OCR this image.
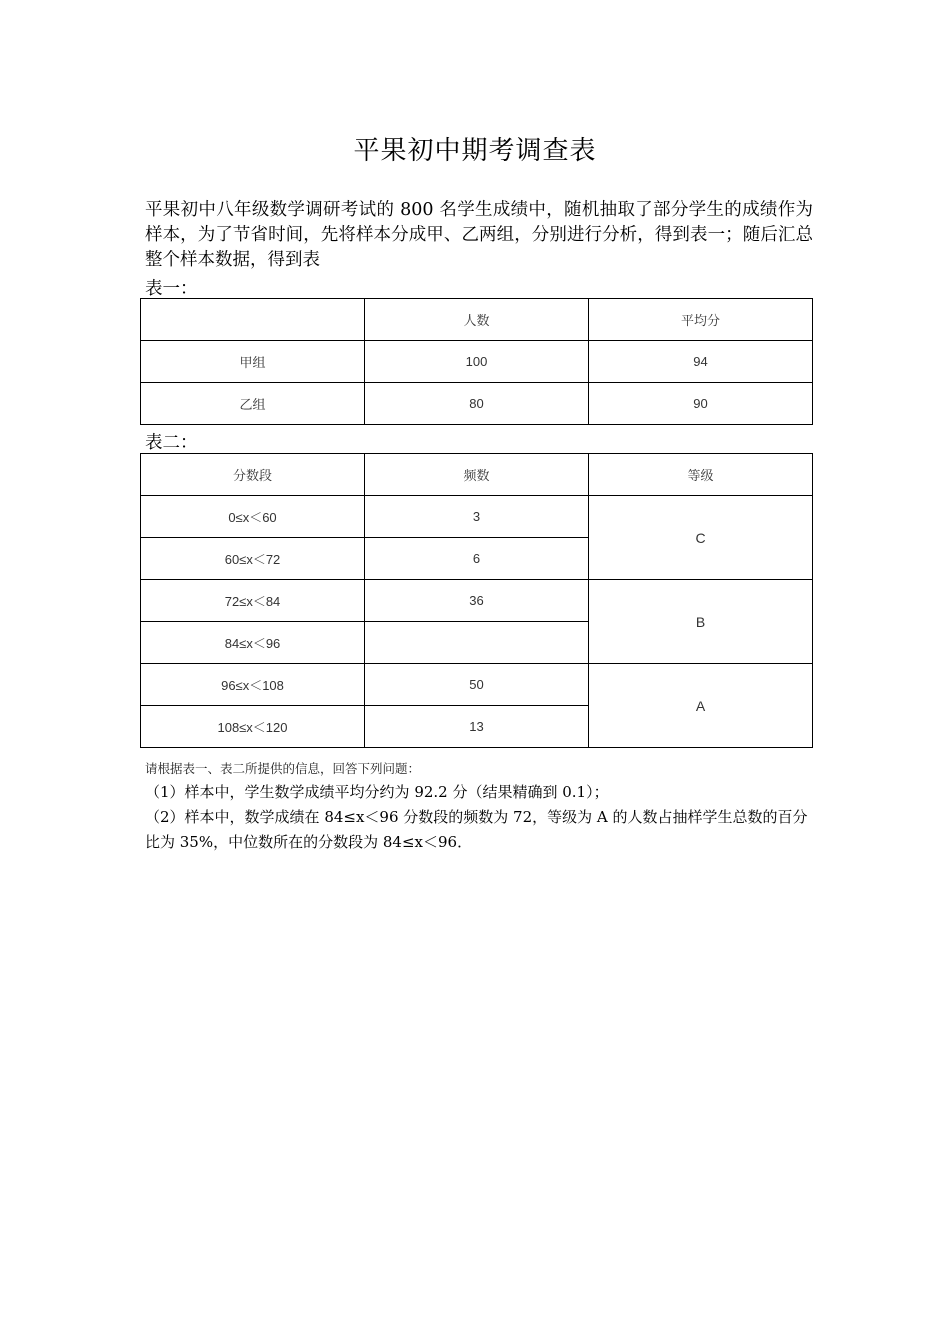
平果初中期考调查表
平果初中八年级数学调研考试的 800 名学生成绩中，随机抽取了部分学生的成绩作为样本，为了节省时间，先将样本分成甲、乙两组，分别进行分析，得到表一；随后汇总整个样本数据，得到表
表一：
	人数	平均分
甲组	100	94
乙组	80	90
表二：
分数段	频数	等级
0≤x＜60	3	C
60≤x＜72	6	
72≤x＜84	36	B
84≤x＜96		
96≤x＜108	50	A
108≤x＜120	13	
请根据表一、表二所提供的信息，回答下列问题：

（1）样本中，学生数学成绩平均分约为 92.2 分（结果精确到 0.1）；

（2）样本中，数学成绩在 84≤x＜96 分数段的频数为 72，等级为 A 的人数占抽样学生总数的百分比为 35%，中位数所在的分数段为 84≤x＜96．
